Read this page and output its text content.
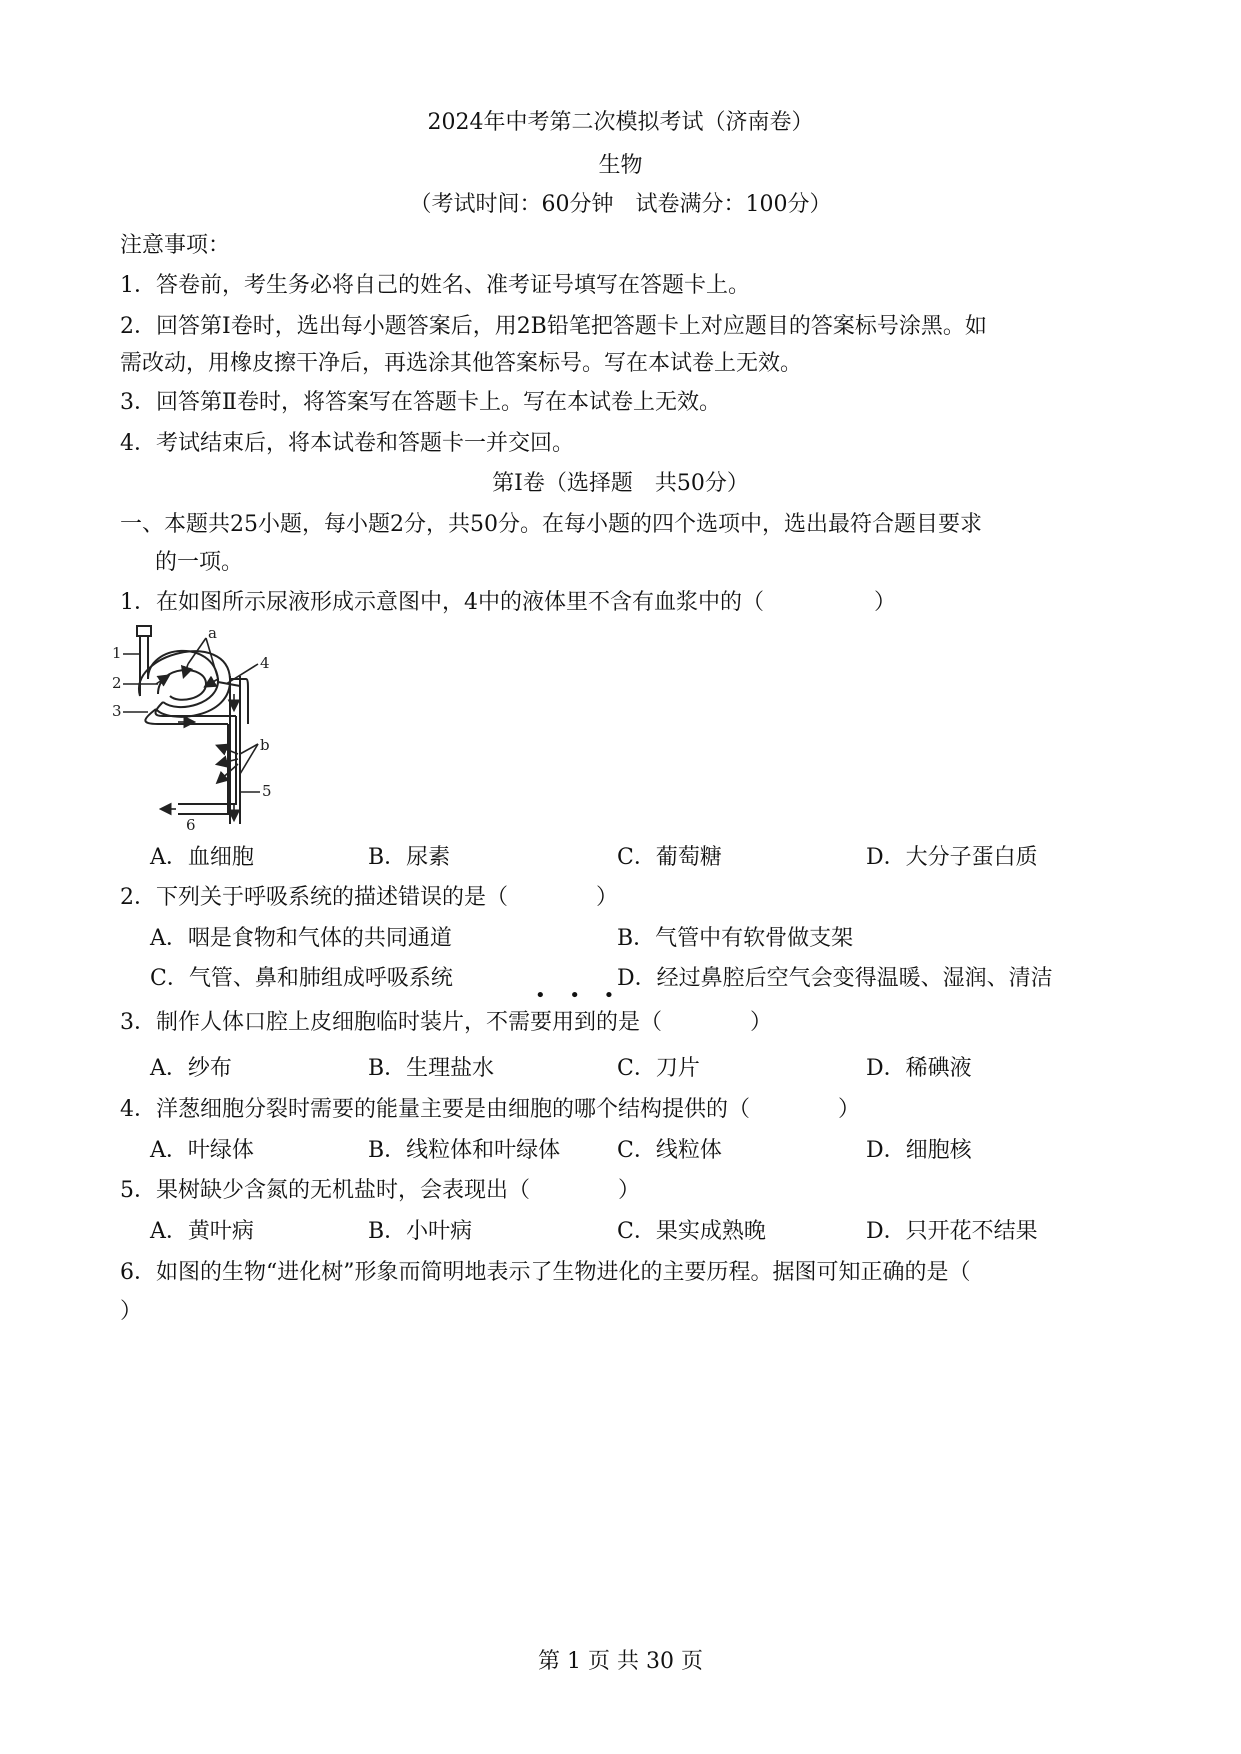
2024年中考第二次模拟考试（济南卷）
生物
（考试时间：60分钟　试卷满分：100分）
注意事项：
1．答卷前，考生务必将自己的姓名、准考证号填写在答题卡上。
2．回答第Ⅰ卷时，选出每小题答案后，用2B铅笔把答题卡上对应题目的答案标号涂黑。如
需改动，用橡皮擦干净后，再选涂其他答案标号。写在本试卷上无效。
3．回答第Ⅱ卷时，将答案写在答题卡上。写在本试卷上无效。
4．考试结束后，将本试卷和答题卡一并交回。
第Ⅰ卷（选择题　共50分）
一、本题共25小题，每小题2分，共50分。在每小题的四个选项中，选出最符合题目要求
的一项。
1．在如图所示尿液形成示意图中，4中的液体里不含有血浆中的（　　　　　）
1
2
3
4
5
6
a
b
A．血细胞	B．尿素	C．葡萄糖	D．大分子蛋白质
2．下列关于呼吸系统的描述错误的是（　　　　）
A．咽是食物和气体的共同通道	B．气管中有软骨做支架
C．气管、鼻和肺组成呼吸系统	D．经过鼻腔后空气会变得温暖、湿润、清洁
• • •
3．制作人体口腔上皮细胞临时装片，不需要用到的是（　　　　）
A．纱布	B．生理盐水	C．刀片	D．稀碘液
4．洋葱细胞分裂时需要的能量主要是由细胞的哪个结构提供的（　　　　）
A．叶绿体	B．线粒体和叶绿体	C．线粒体	D．细胞核
5．果树缺少含氮的无机盐时，会表现出（　　　　）
A．黄叶病	B．小叶病	C．果实成熟晚	D．只开花不结果
6．如图的生物“进化树”形象而简明地表示了生物进化的主要历程。据图可知正确的是（
）
第 1 页 共 30 页
